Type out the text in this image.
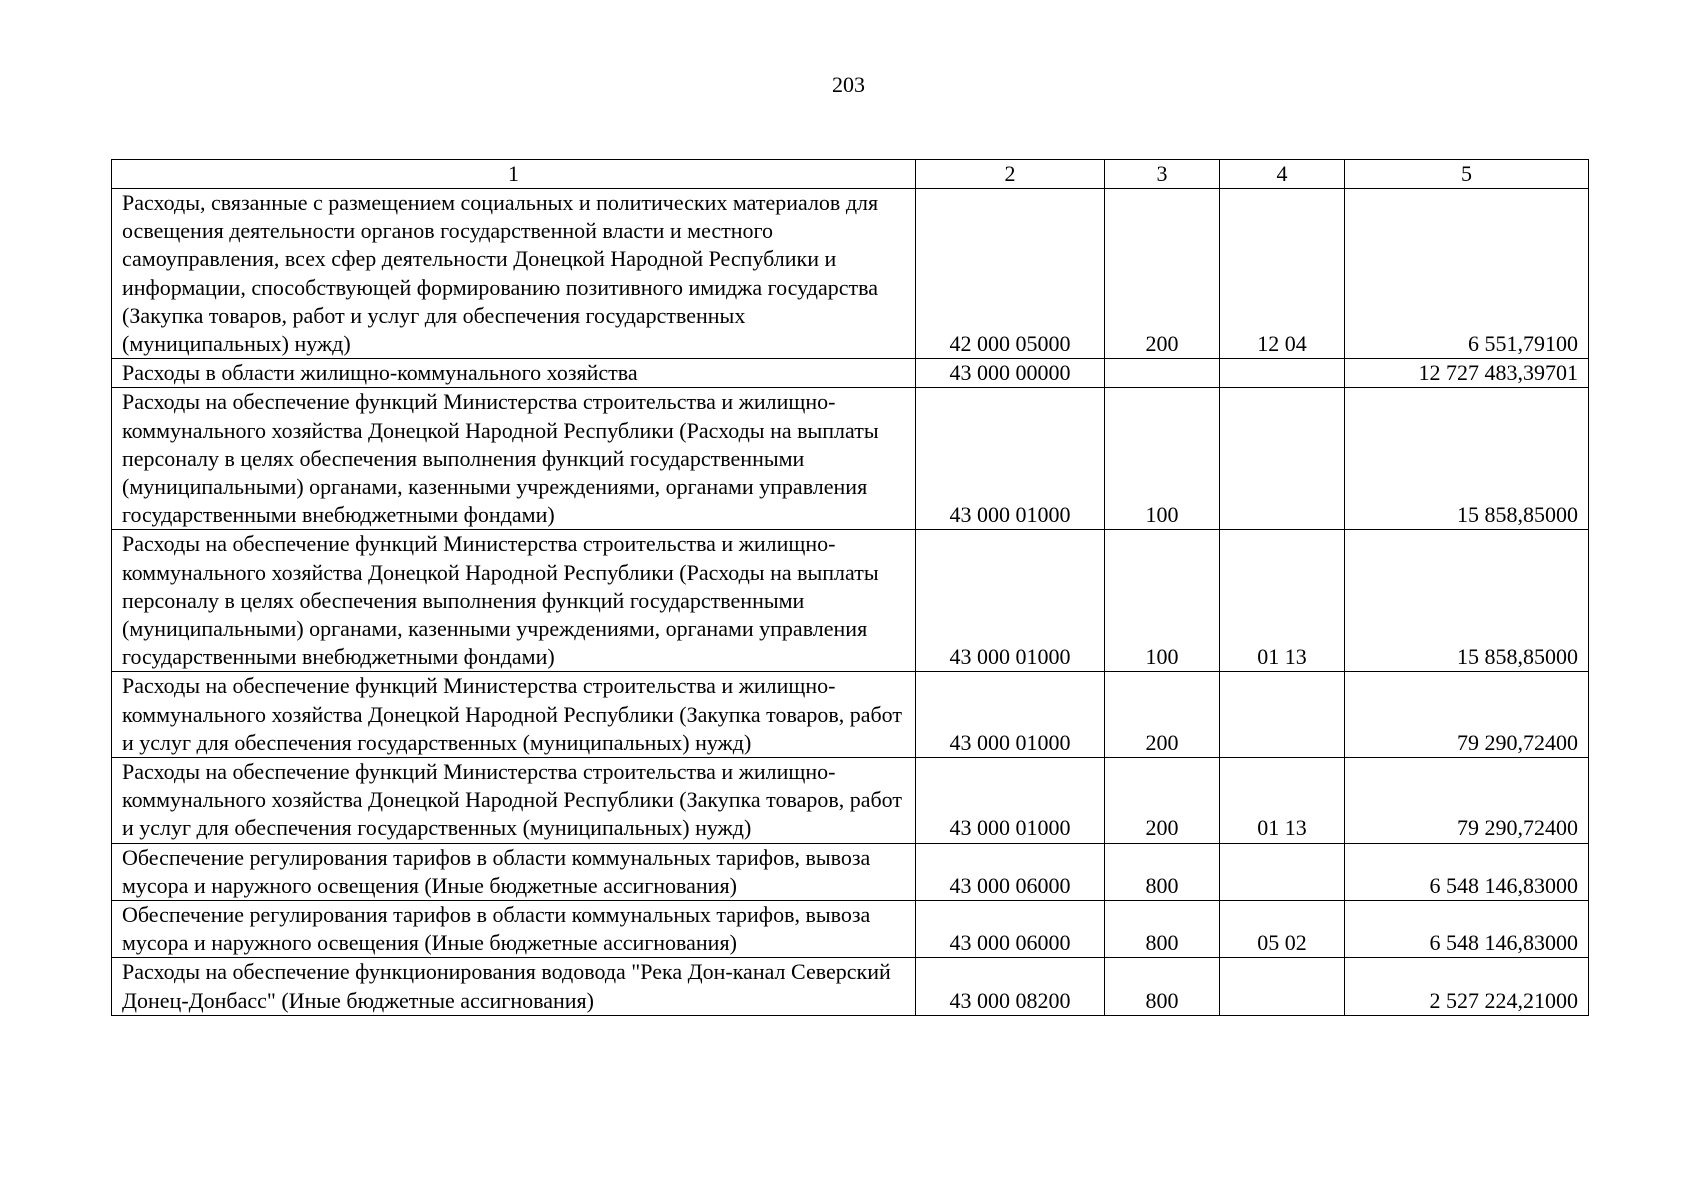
203
1	2	3	4	5
Расходы, связанные с размещением социальных и политических материалов для освещения деятельности органов государственной власти и местного самоуправления, всех сфер деятельности Донецкой Народной Республики и информации, способствующей формированию позитивного имиджа государства (Закупка товаров, работ и услуг для обеспечения государственных (муниципальных) нужд)	42 000 05000	200	12 04	6 551,79100
Расходы в области жилищно-коммунального хозяйства	43 000 00000			12 727 483,39701
Расходы на обеспечение функций Министерства строительства и жилищно-коммунального хозяйства Донецкой Народной Республики (Расходы на выплаты персоналу в целях обеспечения выполнения функций государственными (муниципальными) органами, казенными учреждениями, органами управления государственными внебюджетными фондами)	43 000 01000	100		15 858,85000
Расходы на обеспечение функций Министерства строительства и жилищно-коммунального хозяйства Донецкой Народной Республики (Расходы на выплаты персоналу в целях обеспечения выполнения функций государственными (муниципальными) органами, казенными учреждениями, органами управления государственными внебюджетными фондами)	43 000 01000	100	01 13	15 858,85000
Расходы на обеспечение функций Министерства строительства и жилищно-коммунального хозяйства Донецкой Народной Республики (Закупка товаров, работ и услуг для обеспечения государственных (муниципальных) нужд)	43 000 01000	200		79 290,72400
Расходы на обеспечение функций Министерства строительства и жилищно-коммунального хозяйства Донецкой Народной Республики (Закупка товаров, работ и услуг для обеспечения государственных (муниципальных) нужд)	43 000 01000	200	01 13	79 290,72400
Обеспечение регулирования тарифов в области коммунальных тарифов, вывоза мусора и наружного освещения (Иные бюджетные ассигнования)	43 000 06000	800		6 548 146,83000
Обеспечение регулирования тарифов в области коммунальных тарифов, вывоза мусора и наружного освещения (Иные бюджетные ассигнования)	43 000 06000	800	05 02	6 548 146,83000
Расходы на обеспечение функционирования водовода "Река Дон-канал Северский Донец-Донбасс" (Иные бюджетные ассигнования)	43 000 08200	800		2 527 224,21000
